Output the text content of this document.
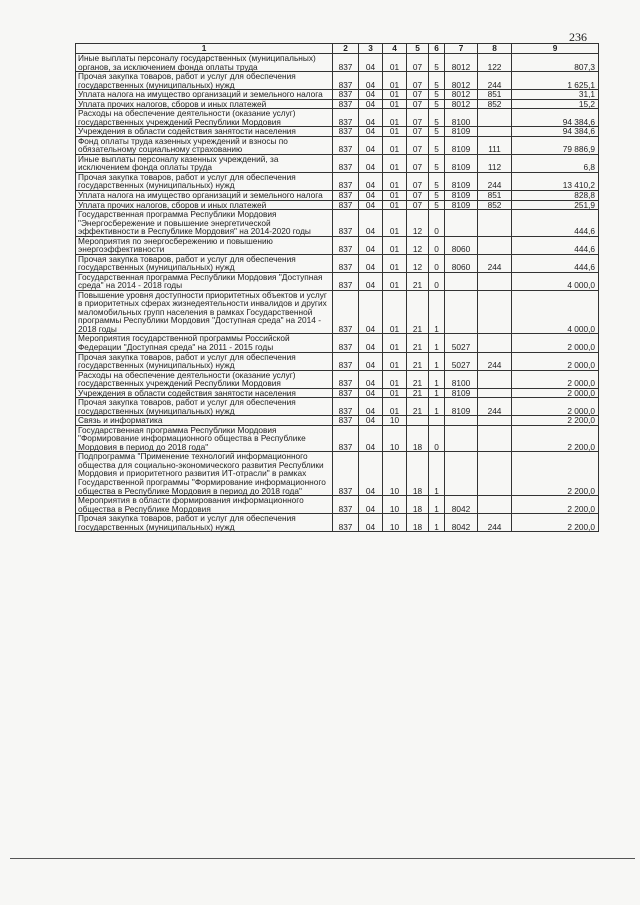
236
1	2	3	4	5	6	7	8	9
Иные выплаты персоналу государственных (муниципальных) органов, за исключением фонда оплаты труда	837	04	01	07	5	8012	122	807,3
Прочая закупка товаров, работ и услуг для обеспечения государственных (муниципальных) нужд	837	04	01	07	5	8012	244	1 625,1
Уплата налога на имущество организаций и земельного налога	837	04	01	07	5	8012	851	31,1
Уплата прочих налогов, сборов и иных платежей	837	04	01	07	5	8012	852	15,2
Расходы на обеспечение деятельности (оказание услуг) государственных учреждений Республики Мордовия	837	04	01	07	5	8100		94 384,6
Учреждения в области содействия занятости населения	837	04	01	07	5	8109		94 384,6
Фонд оплаты труда казенных учреждений и взносы по обязательному социальному страхованию	837	04	01	07	5	8109	111	79 886,9
Иные выплаты персоналу казенных учреждений, за исключением фонда оплаты труда	837	04	01	07	5	8109	112	6,8
Прочая закупка товаров, работ и услуг для обеспечения государственных (муниципальных) нужд	837	04	01	07	5	8109	244	13 410,2
Уплата налога на имущество организаций и земельного налога	837	04	01	07	5	8109	851	828,8
Уплата прочих налогов, сборов и иных платежей	837	04	01	07	5	8109	852	251,9
Государственная программа Республики Мордовия "Энергосбережение и повышение энергетической эффективности в Республике Мордовия" на 2014-2020 годы	837	04	01	12	0			444,6
Мероприятия по энергосбережению и повышению энергоэффективности	837	04	01	12	0	8060		444,6
Прочая закупка товаров, работ и услуг для обеспечения государственных (муниципальных) нужд	837	04	01	12	0	8060	244	444,6
Государственная программа Республики Мордовия "Доступная среда" на 2014 - 2018 годы	837	04	01	21	0			4 000,0
Повышение уровня доступности приоритетных объектов и услуг в приоритетных сферах жизнедеятельности инвалидов и других маломобильных групп населения в рамках Государственной программы Республики Мордовия "Доступная среда" на 2014 - 2018 годы	837	04	01	21	1			4 000,0
Мероприятия государственной программы Российской Федерации "Доступная среда" на 2011 - 2015 годы	837	04	01	21	1	5027		2 000,0
Прочая закупка товаров, работ и услуг для обеспечения государственных (муниципальных) нужд	837	04	01	21	1	5027	244	2 000,0
Расходы на обеспечение деятельности (оказание услуг) государственных учреждений Республики Мордовия	837	04	01	21	1	8100		2 000,0
Учреждения в области содействия занятости населения	837	04	01	21	1	8109		2 000,0
Прочая закупка товаров, работ и услуг для обеспечения государственных (муниципальных) нужд	837	04	01	21	1	8109	244	2 000,0
Связь и информатика	837	04	10					2 200,0
Государственная программа Республики Мордовия "Формирование информационного общества в Республике Мордовия в период до 2018 года"	837	04	10	18	0			2 200,0
Подпрограмма "Применение технологий информационного общества для социально-экономического развития Республики Мордовия и приоритетного развития ИТ-отрасли" в рамках Государственной программы "Формирование информационного общества в Республике Мордовия в период до 2018 года"	837	04	10	18	1			2 200,0
Мероприятия в области формирования информационного общества в Республике Мордовия	837	04	10	18	1	8042		2 200,0
Прочая закупка товаров, работ и услуг для обеспечения государственных (муниципальных) нужд	837	04	10	18	1	8042	244	2 200,0
